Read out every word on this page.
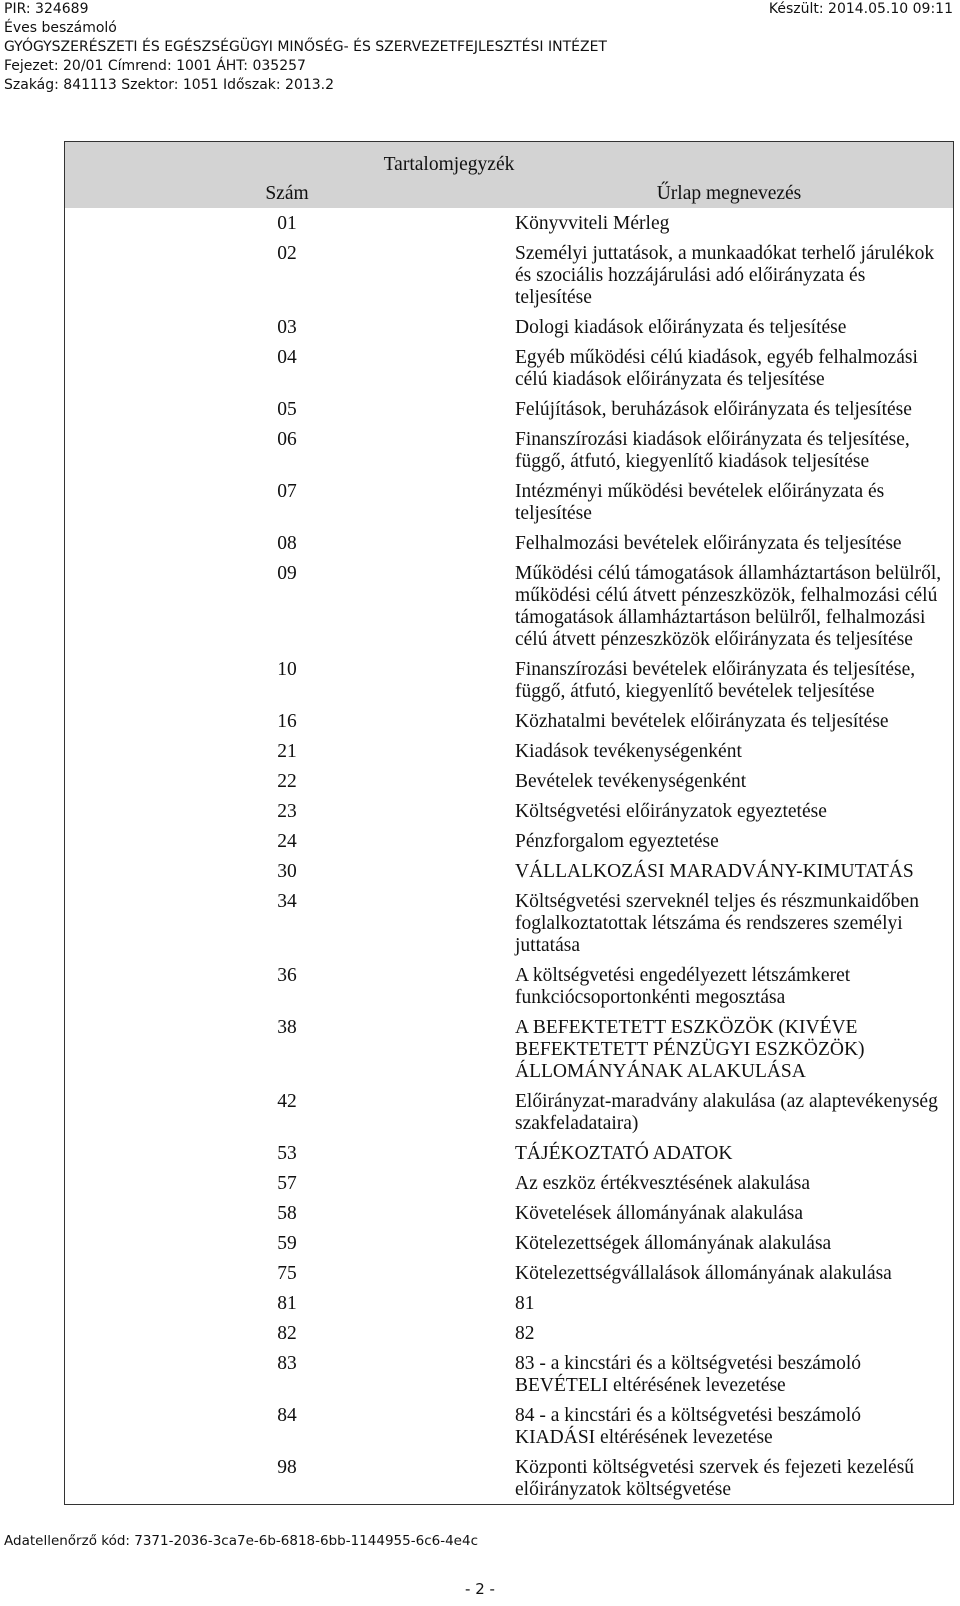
PIR: 324689	Készült: 2014.05.10 09:11
Éves beszámoló
GYÓGYSZERÉSZETI ÉS EGÉSZSÉGÜGYI MINŐSÉG- ÉS SZERVEZETFEJLESZTÉSI INTÉZET
Fejezet: 20/01 Címrend: 1001 ÁHT: 035257
Szakág: 841113 Szektor: 1051 Időszak: 2013.2
Tartalomjegyzék	
Szám	Űrlap megnevezés
01	Könyvviteli Mérleg
02	Személyi juttatások, a munkaadókat terhelő járulékok és szociális hozzájárulási adó előirányzata és teljesítése
03	Dologi kiadások előirányzata és teljesítése
04	Egyéb működési célú kiadások, egyéb felhalmozási célú kiadások előirányzata és teljesítése
05	Felújítások, beruházások előirányzata és teljesítése
06	Finanszírozási kiadások előirányzata és teljesítése, függő, átfutó, kiegyenlítő kiadások teljesítése
07	Intézményi működési bevételek előirányzata és teljesítése
08	Felhalmozási bevételek előirányzata és teljesítése
09	Működési célú támogatások államháztartáson belülről, működési célú átvett pénzeszközök, felhalmozási célú támogatások államháztartáson belülről, felhalmozási célú átvett pénzeszközök előirányzata és teljesítése
10	Finanszírozási bevételek előirányzata és teljesítése, függő, átfutó, kiegyenlítő bevételek teljesítése
16	Közhatalmi bevételek előirányzata és teljesítése
21	Kiadások tevékenységenként
22	Bevételek tevékenységenként
23	Költségvetési előirányzatok egyeztetése
24	Pénzforgalom egyeztetése
30	VÁLLALKOZÁSI MARADVÁNY-KIMUTATÁS
34	Költségvetési szerveknél teljes és részmunkaidőben foglalkoztatottak létszáma és rendszeres személyi juttatása
36	A költségvetési engedélyezett létszámkeret funkciócsoportonkénti megosztása
38	A BEFEKTETETT ESZKÖZÖK (KIVÉVE BEFEKTETETT PÉNZÜGYI ESZKÖZÖK) ÁLLOMÁNYÁNAK ALAKULÁSA
42	Előirányzat-maradvány alakulása (az alaptevékenység szakfeladataira)
53	TÁJÉKOZTATÓ ADATOK
57	Az eszköz értékvesztésének alakulása
58	Követelések állományának alakulása
59	Kötelezettségek állományának alakulása
75	Kötelezettségvállalások állományának alakulása
81	81
82	82
83	83 - a kincstári és a költségvetési beszámoló BEVÉTELI eltérésének levezetése
84	84 - a kincstári és a költségvetési beszámoló KIADÁSI eltérésének levezetése
98	Központi költségvetési szervek és fejezeti kezelésű előirányzatok költségvetése
Adatellenőrző kód: 7371-2036-3ca7e-6b-6818-6bb-1144955-6c6-4e4c
- 2 -
